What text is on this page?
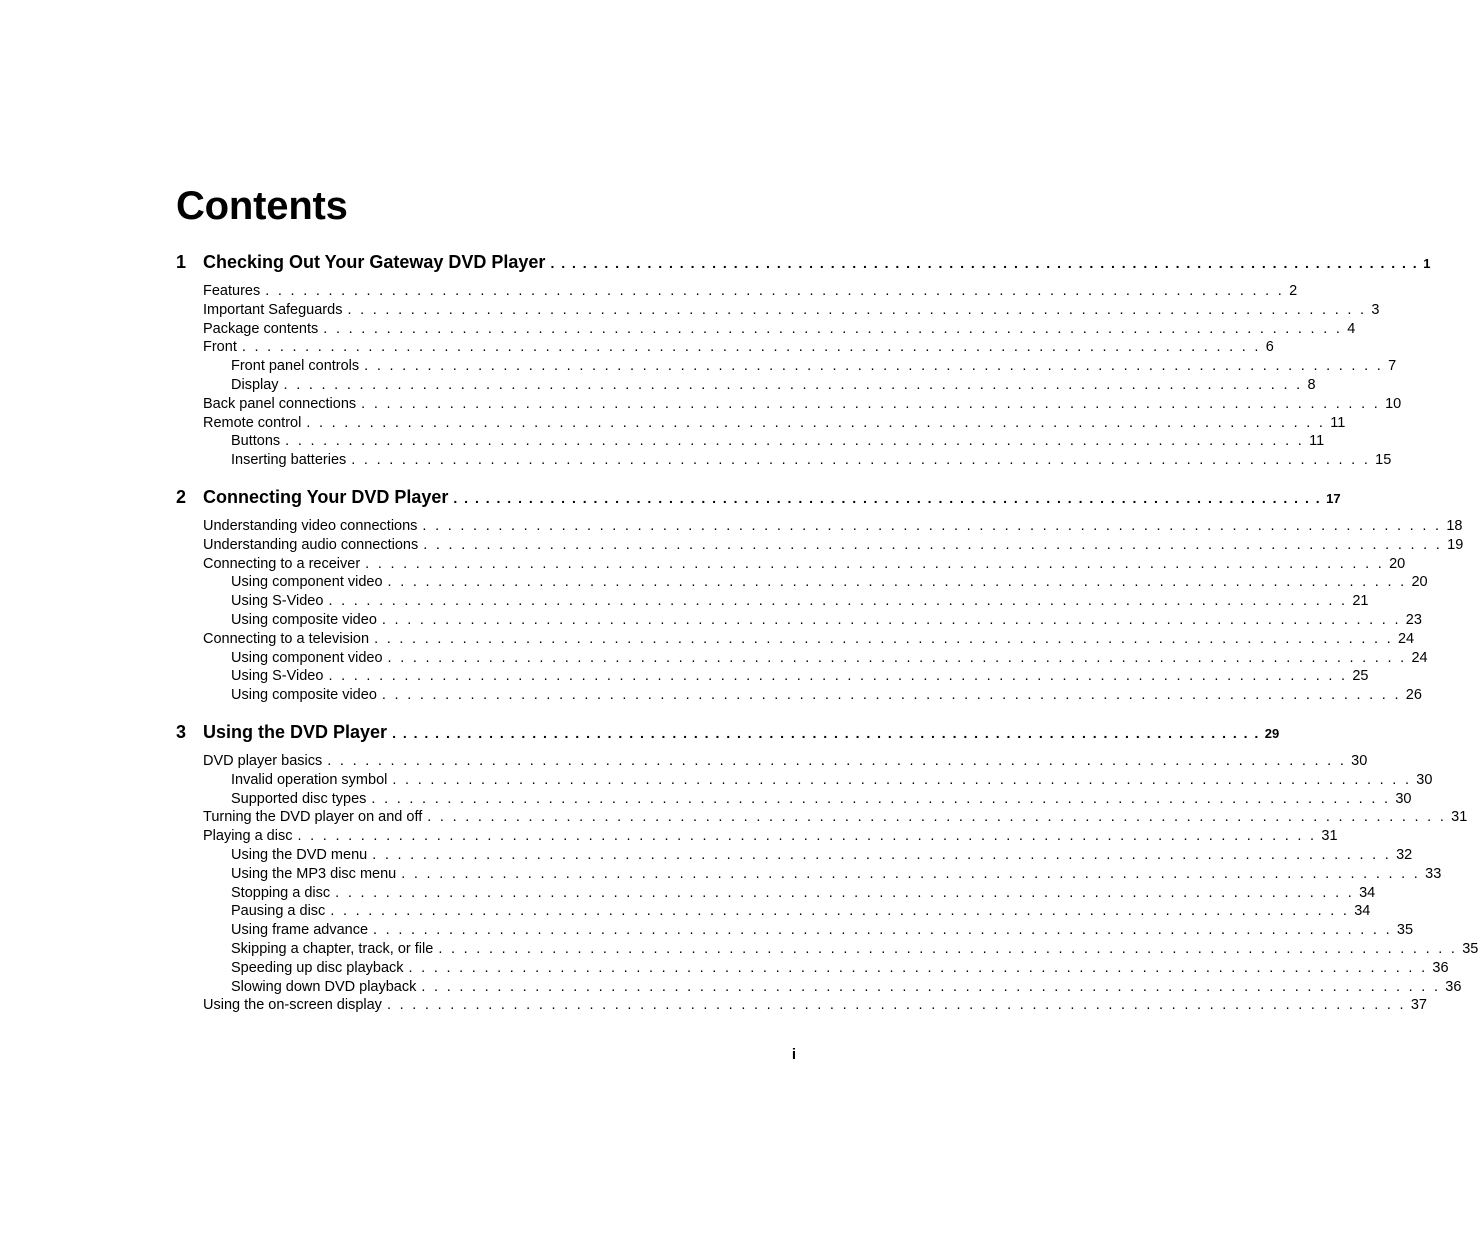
Contents
1 Checking Out Your Gateway DVD Player . . . . . . . . . . . . . . . . . . . . . . . . . . . . . . . . . . . . . . . . . . . . . . . . . . . . . . . . . . . . . . . . . . . . . . . . . . . . . . . . . 1
Features . . . . . . . . . . . . . . . . . . . . . . . . . . . . . . . . . . . . . . . . . . . . . . . . . . . . . . . . . . . . . . . . . . . . . . . . . . . . . . . . . 2
Important Safeguards . . . . . . . . . . . . . . . . . . . . . . . . . . . . . . . . . . . . . . . . . . . . . . . . . . . . . . . . . . . . . . . . . . . . . . . . . . . . . . . . . 3
Package contents . . . . . . . . . . . . . . . . . . . . . . . . . . . . . . . . . . . . . . . . . . . . . . . . . . . . . . . . . . . . . . . . . . . . . . . . . . . . . . . . . 4
Front . . . . . . . . . . . . . . . . . . . . . . . . . . . . . . . . . . . . . . . . . . . . . . . . . . . . . . . . . . . . . . . . . . . . . . . . . . . . . . . . . 6
Front panel controls . . . . . . . . . . . . . . . . . . . . . . . . . . . . . . . . . . . . . . . . . . . . . . . . . . . . . . . . . . . . . . . . . . . . . . . . . . . . . . . . . 7
Display . . . . . . . . . . . . . . . . . . . . . . . . . . . . . . . . . . . . . . . . . . . . . . . . . . . . . . . . . . . . . . . . . . . . . . . . . . . . . . . . . 8
Back panel connections . . . . . . . . . . . . . . . . . . . . . . . . . . . . . . . . . . . . . . . . . . . . . . . . . . . . . . . . . . . . . . . . . . . . . . . . . . . . . . . . . 10
Remote control . . . . . . . . . . . . . . . . . . . . . . . . . . . . . . . . . . . . . . . . . . . . . . . . . . . . . . . . . . . . . . . . . . . . . . . . . . . . . . . . . 11
Buttons . . . . . . . . . . . . . . . . . . . . . . . . . . . . . . . . . . . . . . . . . . . . . . . . . . . . . . . . . . . . . . . . . . . . . . . . . . . . . . . . . 11
Inserting batteries . . . . . . . . . . . . . . . . . . . . . . . . . . . . . . . . . . . . . . . . . . . . . . . . . . . . . . . . . . . . . . . . . . . . . . . . . . . . . . . . . 15
2 Connecting Your DVD Player . . . . . . . . . . . . . . . . . . . . . . . . . . . . . . . . . . . . . . . . . . . . . . . . . . . . . . . . . . . . . . . . . . . . . . . . . . . . . . . . . 17
Understanding video connections . . . . . . . . . . . . . . . . . . . . . . . . . . . . . . . . . . . . . . . . . . . . . . . . . . . . . . . . . . . . . . . . . . . . . . . . . . . . . . . . . 18
Understanding audio connections . . . . . . . . . . . . . . . . . . . . . . . . . . . . . . . . . . . . . . . . . . . . . . . . . . . . . . . . . . . . . . . . . . . . . . . . . . . . . . . . . 19
Connecting to a receiver . . . . . . . . . . . . . . . . . . . . . . . . . . . . . . . . . . . . . . . . . . . . . . . . . . . . . . . . . . . . . . . . . . . . . . . . . . . . . . . . . 20
Using component video . . . . . . . . . . . . . . . . . . . . . . . . . . . . . . . . . . . . . . . . . . . . . . . . . . . . . . . . . . . . . . . . . . . . . . . . . . . . . . . . . 20
Using S-Video . . . . . . . . . . . . . . . . . . . . . . . . . . . . . . . . . . . . . . . . . . . . . . . . . . . . . . . . . . . . . . . . . . . . . . . . . . . . . . . . . 21
Using composite video . . . . . . . . . . . . . . . . . . . . . . . . . . . . . . . . . . . . . . . . . . . . . . . . . . . . . . . . . . . . . . . . . . . . . . . . . . . . . . . . . 23
Connecting to a television . . . . . . . . . . . . . . . . . . . . . . . . . . . . . . . . . . . . . . . . . . . . . . . . . . . . . . . . . . . . . . . . . . . . . . . . . . . . . . . . . 24
Using component video . . . . . . . . . . . . . . . . . . . . . . . . . . . . . . . . . . . . . . . . . . . . . . . . . . . . . . . . . . . . . . . . . . . . . . . . . . . . . . . . . 24
Using S-Video . . . . . . . . . . . . . . . . . . . . . . . . . . . . . . . . . . . . . . . . . . . . . . . . . . . . . . . . . . . . . . . . . . . . . . . . . . . . . . . . . 25
Using composite video . . . . . . . . . . . . . . . . . . . . . . . . . . . . . . . . . . . . . . . . . . . . . . . . . . . . . . . . . . . . . . . . . . . . . . . . . . . . . . . . . 26
3 Using the DVD Player . . . . . . . . . . . . . . . . . . . . . . . . . . . . . . . . . . . . . . . . . . . . . . . . . . . . . . . . . . . . . . . . . . . . . . . . . . . . . . . . . 29
DVD player basics . . . . . . . . . . . . . . . . . . . . . . . . . . . . . . . . . . . . . . . . . . . . . . . . . . . . . . . . . . . . . . . . . . . . . . . . . . . . . . . . . 30
Invalid operation symbol . . . . . . . . . . . . . . . . . . . . . . . . . . . . . . . . . . . . . . . . . . . . . . . . . . . . . . . . . . . . . . . . . . . . . . . . . . . . . . . . . 30
Supported disc types . . . . . . . . . . . . . . . . . . . . . . . . . . . . . . . . . . . . . . . . . . . . . . . . . . . . . . . . . . . . . . . . . . . . . . . . . . . . . . . . . 30
Turning the DVD player on and off . . . . . . . . . . . . . . . . . . . . . . . . . . . . . . . . . . . . . . . . . . . . . . . . . . . . . . . . . . . . . . . . . . . . . . . . . . . . . . . . . 31
Playing a disc . . . . . . . . . . . . . . . . . . . . . . . . . . . . . . . . . . . . . . . . . . . . . . . . . . . . . . . . . . . . . . . . . . . . . . . . . . . . . . . . . 31
Using the DVD menu . . . . . . . . . . . . . . . . . . . . . . . . . . . . . . . . . . . . . . . . . . . . . . . . . . . . . . . . . . . . . . . . . . . . . . . . . . . . . . . . . 32
Using the MP3 disc menu . . . . . . . . . . . . . . . . . . . . . . . . . . . . . . . . . . . . . . . . . . . . . . . . . . . . . . . . . . . . . . . . . . . . . . . . . . . . . . . . . 33
Stopping a disc . . . . . . . . . . . . . . . . . . . . . . . . . . . . . . . . . . . . . . . . . . . . . . . . . . . . . . . . . . . . . . . . . . . . . . . . . . . . . . . . . 34
Pausing a disc . . . . . . . . . . . . . . . . . . . . . . . . . . . . . . . . . . . . . . . . . . . . . . . . . . . . . . . . . . . . . . . . . . . . . . . . . . . . . . . . . 34
Using frame advance . . . . . . . . . . . . . . . . . . . . . . . . . . . . . . . . . . . . . . . . . . . . . . . . . . . . . . . . . . . . . . . . . . . . . . . . . . . . . . . . . 35
Skipping a chapter, track, or file . . . . . . . . . . . . . . . . . . . . . . . . . . . . . . . . . . . . . . . . . . . . . . . . . . . . . . . . . . . . . . . . . . . . . . . . . . . . . . . . . 35
Speeding up disc playback . . . . . . . . . . . . . . . . . . . . . . . . . . . . . . . . . . . . . . . . . . . . . . . . . . . . . . . . . . . . . . . . . . . . . . . . . . . . . . . . . 36
Slowing down DVD playback . . . . . . . . . . . . . . . . . . . . . . . . . . . . . . . . . . . . . . . . . . . . . . . . . . . . . . . . . . . . . . . . . . . . . . . . . . . . . . . . . 36
Using the on-screen display . . . . . . . . . . . . . . . . . . . . . . . . . . . . . . . . . . . . . . . . . . . . . . . . . . . . . . . . . . . . . . . . . . . . . . . . . . . . . . . . . 37
i
